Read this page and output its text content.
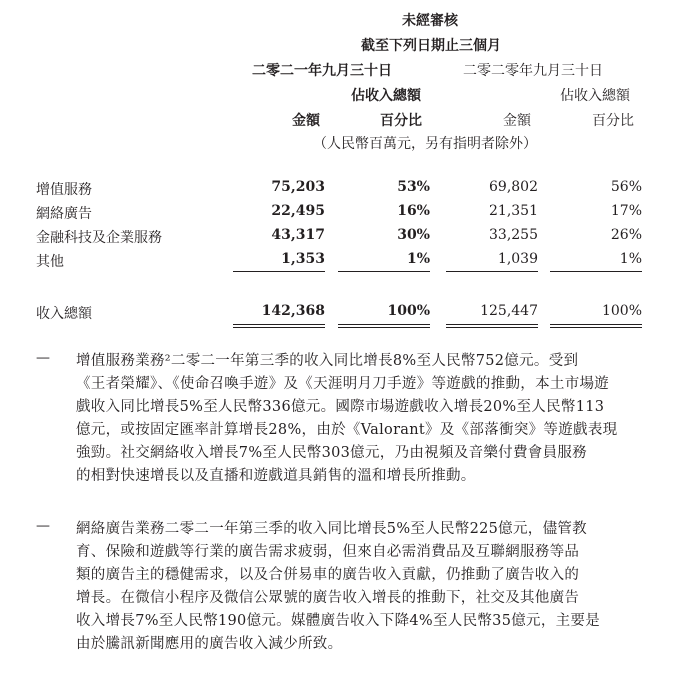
未經審核
截至下列日期止三個月
二零二一年九月三十日	二零二零年九月三十日
佔收入總額	佔收入總額
金額	百分比	金額	百分比
（人民幣百萬元，另有指明者除外）
增值服務	75,203	53%	69,802	56%
網絡廣告	22,495	16%	21,351	17%
金融科技及企業服務	43,317	30%	33,255	26%
其他	1,353	1%	1,039	1%
收入總額	142,368	100%	125,447	100%
— 增值服務業務²二零二一年第三季的收入同比增長8%至人民幣752億元。受到
《王者榮耀》、《使命召喚手遊》及《天涯明月刀手遊》等遊戲的推動，本土市場遊
戲收入同比增長5%至人民幣336億元。國際市場遊戲收入增長20%至人民幣113
億元，或按固定匯率計算增長28%，由於《Valorant》及《部落衝突》等遊戲表現
強勁。社交網絡收入增長7%至人民幣303億元，乃由視頻及音樂付費會員服務
的相對快速增長以及直播和遊戲道具銷售的溫和增長所推動。
— 網絡廣告業務二零二一年第三季的收入同比增長5%至人民幣225億元，儘管教
育、保險和遊戲等行業的廣告需求疲弱，但來自必需消費品及互聯網服務等品
類的廣告主的穩健需求，以及合併易車的廣告收入貢獻，仍推動了廣告收入的
增長。在微信小程序及微信公眾號的廣告收入增長的推動下，社交及其他廣告
收入增長7%至人民幣190億元。媒體廣告收入下降4%至人民幣35億元，主要是
由於騰訊新聞應用的廣告收入減少所致。
